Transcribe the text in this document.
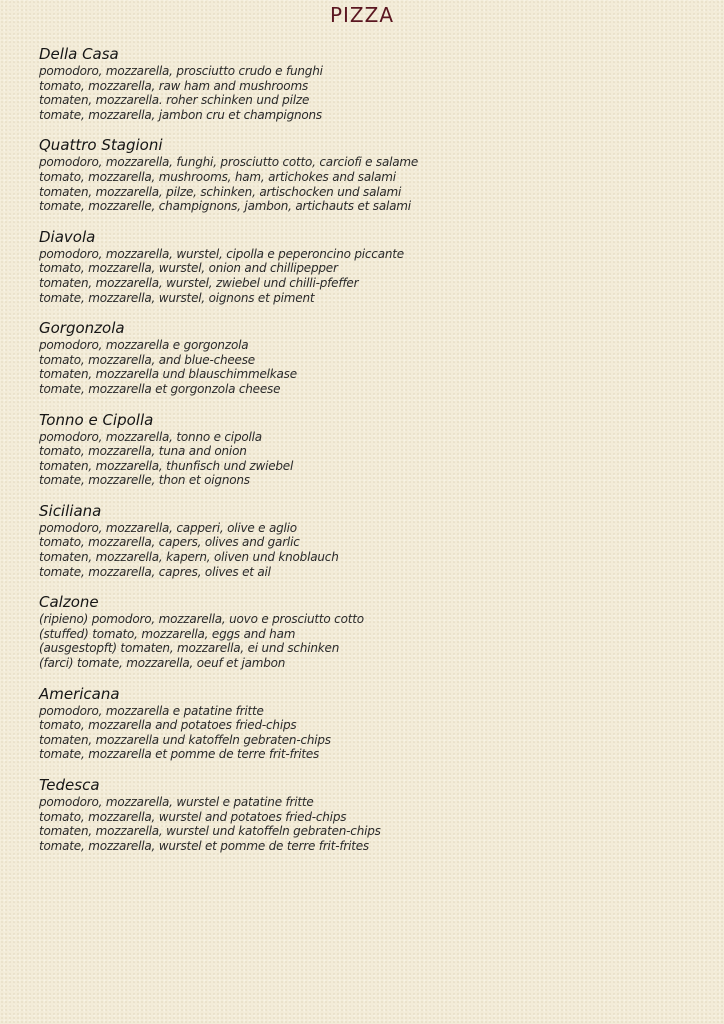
PIZZA
Della Casa
pomodoro, mozzarella, prosciutto crudo e funghi
tomato, mozzarella, raw ham and mushrooms
tomaten, mozzarella. roher schinken und pilze
tomate, mozzarella, jambon cru et champignons
Quattro Stagioni
pomodoro, mozzarella, funghi, prosciutto cotto, carciofi e salame
tomato, mozzarella, mushrooms, ham, artichokes and salami
tomaten, mozzarella, pilze, schinken, artischocken und salami
tomate, mozzarelle, champignons, jambon, artichauts et salami
Diavola
pomodoro, mozzarella, wurstel, cipolla e peperoncino piccante
tomato, mozzarella, wurstel, onion and chillipepper
tomaten, mozzarella, wurstel, zwiebel und chilli-pfeffer
tomate, mozzarella, wurstel, oignons et piment
Gorgonzola
pomodoro, mozzarella e gorgonzola
tomato, mozzarella, and blue-cheese
tomaten, mozzarella und blauschimmelkase
tomate, mozzarella et gorgonzola cheese
Tonno e Cipolla
pomodoro, mozzarella, tonno e cipolla
tomato, mozzarella, tuna and onion
tomaten, mozzarella, thunfisch und zwiebel
tomate, mozzarelle, thon et oignons
Siciliana
pomodoro, mozzarella, capperi, olive e aglio
tomato, mozzarella, capers, olives and garlic
tomaten, mozzarella, kapern, oliven und knoblauch
tomate, mozzarella, capres, olives et ail
Calzone
(ripieno) pomodoro, mozzarella, uovo e prosciutto cotto
(stuffed) tomato, mozzarella, eggs and ham
(ausgestopft) tomaten, mozzarella, ei und schinken
(farci) tomate, mozzarella, oeuf et jambon
Americana
pomodoro, mozzarella e patatine fritte
tomato, mozzarella and potatoes fried-chips
tomaten, mozzarella und katoffeln gebraten-chips
tomate, mozzarella et pomme de terre frit-frites
Tedesca
pomodoro, mozzarella, wurstel e patatine fritte
tomato, mozzarella, wurstel and potatoes fried-chips
tomaten, mozzarella, wurstel und katoffeln gebraten-chips
tomate, mozzarella, wurstel et pomme de terre frit-frites
